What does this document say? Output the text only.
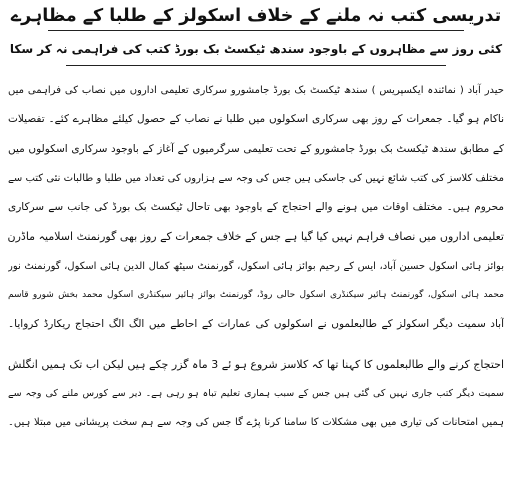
تدریسی کتب نہ ملنے کے خلاف اسکولز کے طلبا کے مظاہرے
کئی روز سے مظاہروں کے باوجود سندھ ٹیکسٹ بک بورڈ کتب کی فراہمی نہ کر سکا
حیدر آباد ( نمائندہ ایکسپریس ) سندھ ٹیکسٹ بک بورڈ جامشورو سرکاری تعلیمی اداروں میں نصاب کی فراہمی میں
ناکام ہو گیا۔ جمعرات کے روز بھی سرکاری اسکولوں میں طلبا نے نصاب کے حصول کیلئے مظاہرے کئے۔ تفصیلات
کے مطابق سندھ ٹیکسٹ بک بورڈ جامشورو کے تحت تعلیمی سرگرمیوں کے آغاز کے باوجود سرکاری اسکولوں میں
مختلف کلاسز کی کتب شائع نہیں کی جاسکی ہیں جس کی وجہ سے ہزاروں کی تعداد میں طلبا و طالبات نئی کتب سے
محروم ہیں۔ مختلف اوقات میں ہونے والے احتجاج کے باوجود بھی تاحال ٹیکسٹ بک بورڈ کی جانب سے سرکاری
تعلیمی اداروں میں نصاف فراہم نہیں کیا گیا ہے جس کے خلاف جمعرات کے روز بھی گورنمنٹ اسلامیہ ماڈرن
بوائز ہائی اسکول حسین آباد، ایس کے رحیم بوائز ہائی اسکول، گورنمنٹ سیٹھ کمال الدین ہائی اسکول، گورنمنٹ نور
محمد ہائی اسکول، گورنمنٹ ہائیر سیکنڈری اسکول حالی روڈ، گورنمنٹ بوائز ہائیر سیکنڈری اسکول محمد بخش شورو قاسم
آباد سمیت دیگر اسکولز کے طالبعلموں نے اسکولوں کی عمارات کے احاطے میں الگ الگ احتجاج ریکارڈ کروایا۔
احتجاج کرنے والے طالبعلموں کا کہنا تھا کہ کلاسز شروع ہو ئے 3 ماہ گزر چکے ہیں لیکن اب تک ہمیں انگلش
سمیت دیگر کتب جاری نہیں کی گئی ہیں جس کے سبب ہماری تعلیم تباہ ہو رہی ہے۔ دیر سے کورس ملنے کی وجہ سے
ہمیں امتحانات کی تیاری میں بھی مشکلات کا سامنا کرنا پڑے گا جس کی وجہ سے ہم سخت پریشانی میں مبتلا ہیں۔
